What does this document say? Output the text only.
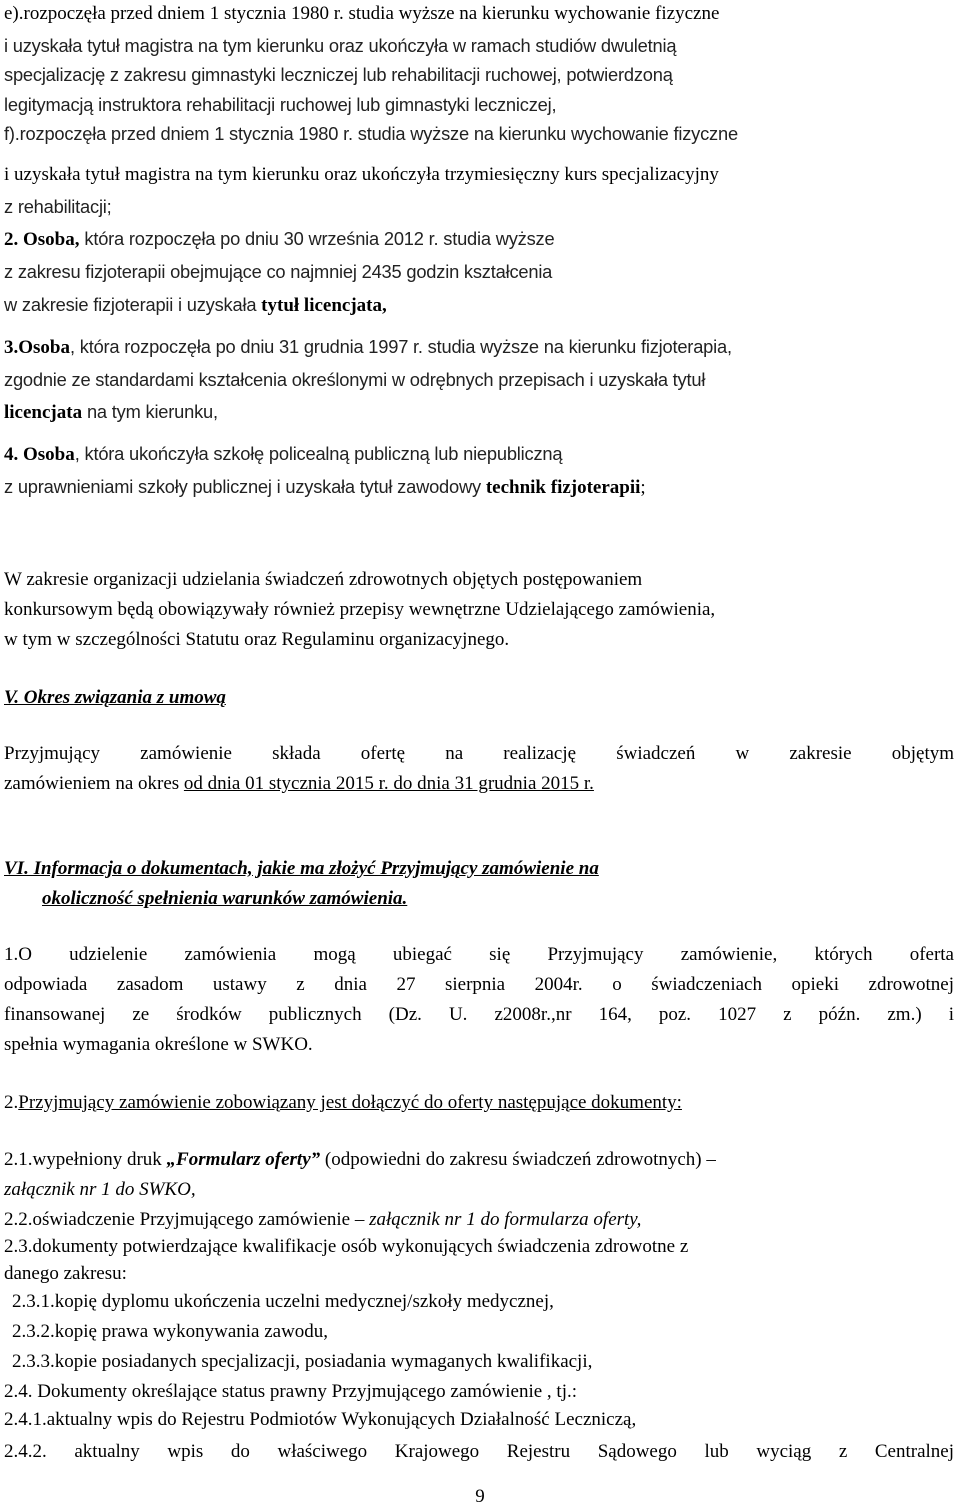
e).rozpoczęła przed dniem 1 stycznia 1980 r. studia wyższe na kierunku wychowanie fizyczne
i uzyskała tytuł magistra na tym kierunku oraz ukończyła w ramach studiów dwuletnią
specjalizację z zakresu gimnastyki leczniczej lub rehabilitacji ruchowej, potwierdzoną
legitymacją instruktora rehabilitacji ruchowej lub gimnastyki leczniczej,
f).rozpoczęła przed dniem 1 stycznia 1980 r. studia wyższe na kierunku wychowanie fizyczne
i uzyskała tytuł magistra na tym kierunku oraz ukończyła trzymiesięczny kurs specjalizacyjny
z rehabilitacji;
2. Osoba, która rozpoczęła po dniu 30 września 2012 r. studia wyższe
z zakresu fizjoterapii obejmujące co najmniej 2435 godzin kształcenia
w zakresie fizjoterapii i uzyskała tytuł licencjata,
3.Osoba, która rozpoczęła po dniu 31 grudnia 1997 r. studia wyższe na kierunku fizjoterapia,
zgodnie ze standardami kształcenia określonymi w odrębnych przepisach i uzyskała tytuł
licencjata na tym kierunku,
4. Osoba, która ukończyła szkołę policealną publiczną lub niepubliczną
z uprawnieniami szkoły publicznej i uzyskała tytuł zawodowy technik fizjoterapii;
W zakresie organizacji udzielania świadczeń zdrowotnych objętych postępowaniem
konkursowym będą obowiązywały również przepisy wewnętrzne Udzielającego zamówienia,
w tym w szczególności Statutu oraz Regulaminu organizacyjnego.
V. Okres związania z umową
Przyjmujący zamówienie składa ofertę na realizację świadczeń w zakresie objętym
zamówieniem na okres od dnia 01 stycznia 2015 r. do dnia 31 grudnia 2015 r.
VI. Informacja o dokumentach, jakie ma złożyć Przyjmujący zamówienie na
okoliczność spełnienia warunków zamówienia.
1.O udzielenie zamówienia mogą ubiegać się Przyjmujący zamówienie, których oferta
odpowiada zasadom ustawy z dnia 27 sierpnia 2004r. o świadczeniach opieki zdrowotnej
finansowanej ze środków publicznych (Dz. U. z2008r.,nr 164, poz. 1027 z późn. zm.) i
spełnia wymagania określone w SWKO.
2.Przyjmujący zamówienie zobowiązany jest dołączyć do oferty następujące dokumenty:
2.1.wypełniony druk „Formularz oferty” (odpowiedni do zakresu świadczeń zdrowotnych) –
załącznik nr 1 do SWKO,
2.2.oświadczenie Przyjmującego zamówienie – załącznik nr 1 do formularza oferty,
2.3.dokumenty potwierdzające kwalifikacje osób wykonujących świadczenia zdrowotne z
danego zakresu:
2.3.1.kopię dyplomu ukończenia uczelni medycznej/szkoły medycznej,
2.3.2.kopię prawa wykonywania zawodu,
2.3.3.kopie posiadanych specjalizacji, posiadania wymaganych kwalifikacji,
2.4. Dokumenty określające status prawny Przyjmującego zamówienie , tj.:
2.4.1.aktualny wpis do Rejestru Podmiotów Wykonujących Działalność Leczniczą,
2.4.2. aktualny wpis do właściwego Krajowego Rejestru Sądowego lub wyciąg z Centralnej
9
